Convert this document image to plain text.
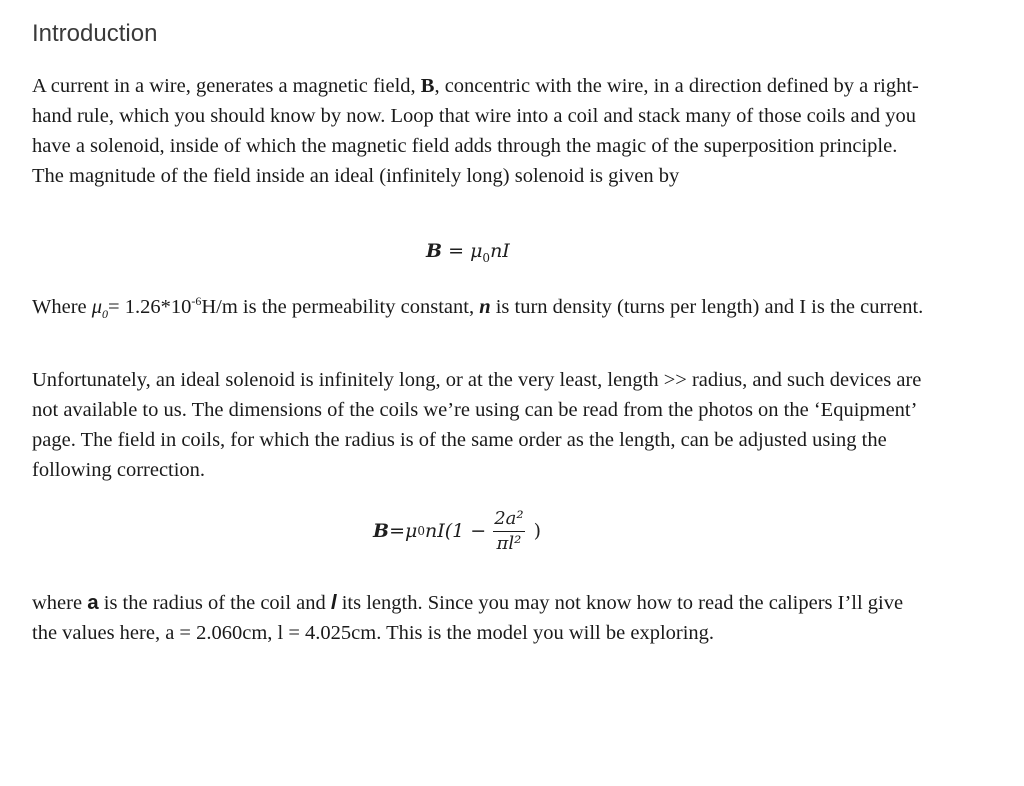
Introduction

A current in a wire, generates a magnetic field, B, concentric with the wire, in a direction defined by a right-hand rule, which you should know by now. Loop that wire into a coil and stack many of those coils and you have a solenoid, inside of which the magnetic field adds through the magic of the superposition principle. The magnitude of the field inside an ideal (infinitely long) solenoid is given by

$B = \mu_0nI$

Where $\mu_0= 1.26*10^{-6}H/m$ is the permeability constant, n is turn density (turns per length) and I is the current.

Unfortunately, an ideal solenoid is infinitely long, or at the very least, length >> radius, and such devices are not available to us. The dimensions of the coils we’re using can be read from the photos on the ‘Equipment’ page. The field in coils, for which the radius is of the same order as the length, can be adjusted using the following correction.

B = μ 0 nI ($1 - \frac{\text{2a²}}{\text{πl²}}$ )

where a is the radius of the coil and l its length. Since you may not know how to read the calipers I’ll give the values here, a = 2.060cm, l = 4.025cm. This is the model you will be exploring.
